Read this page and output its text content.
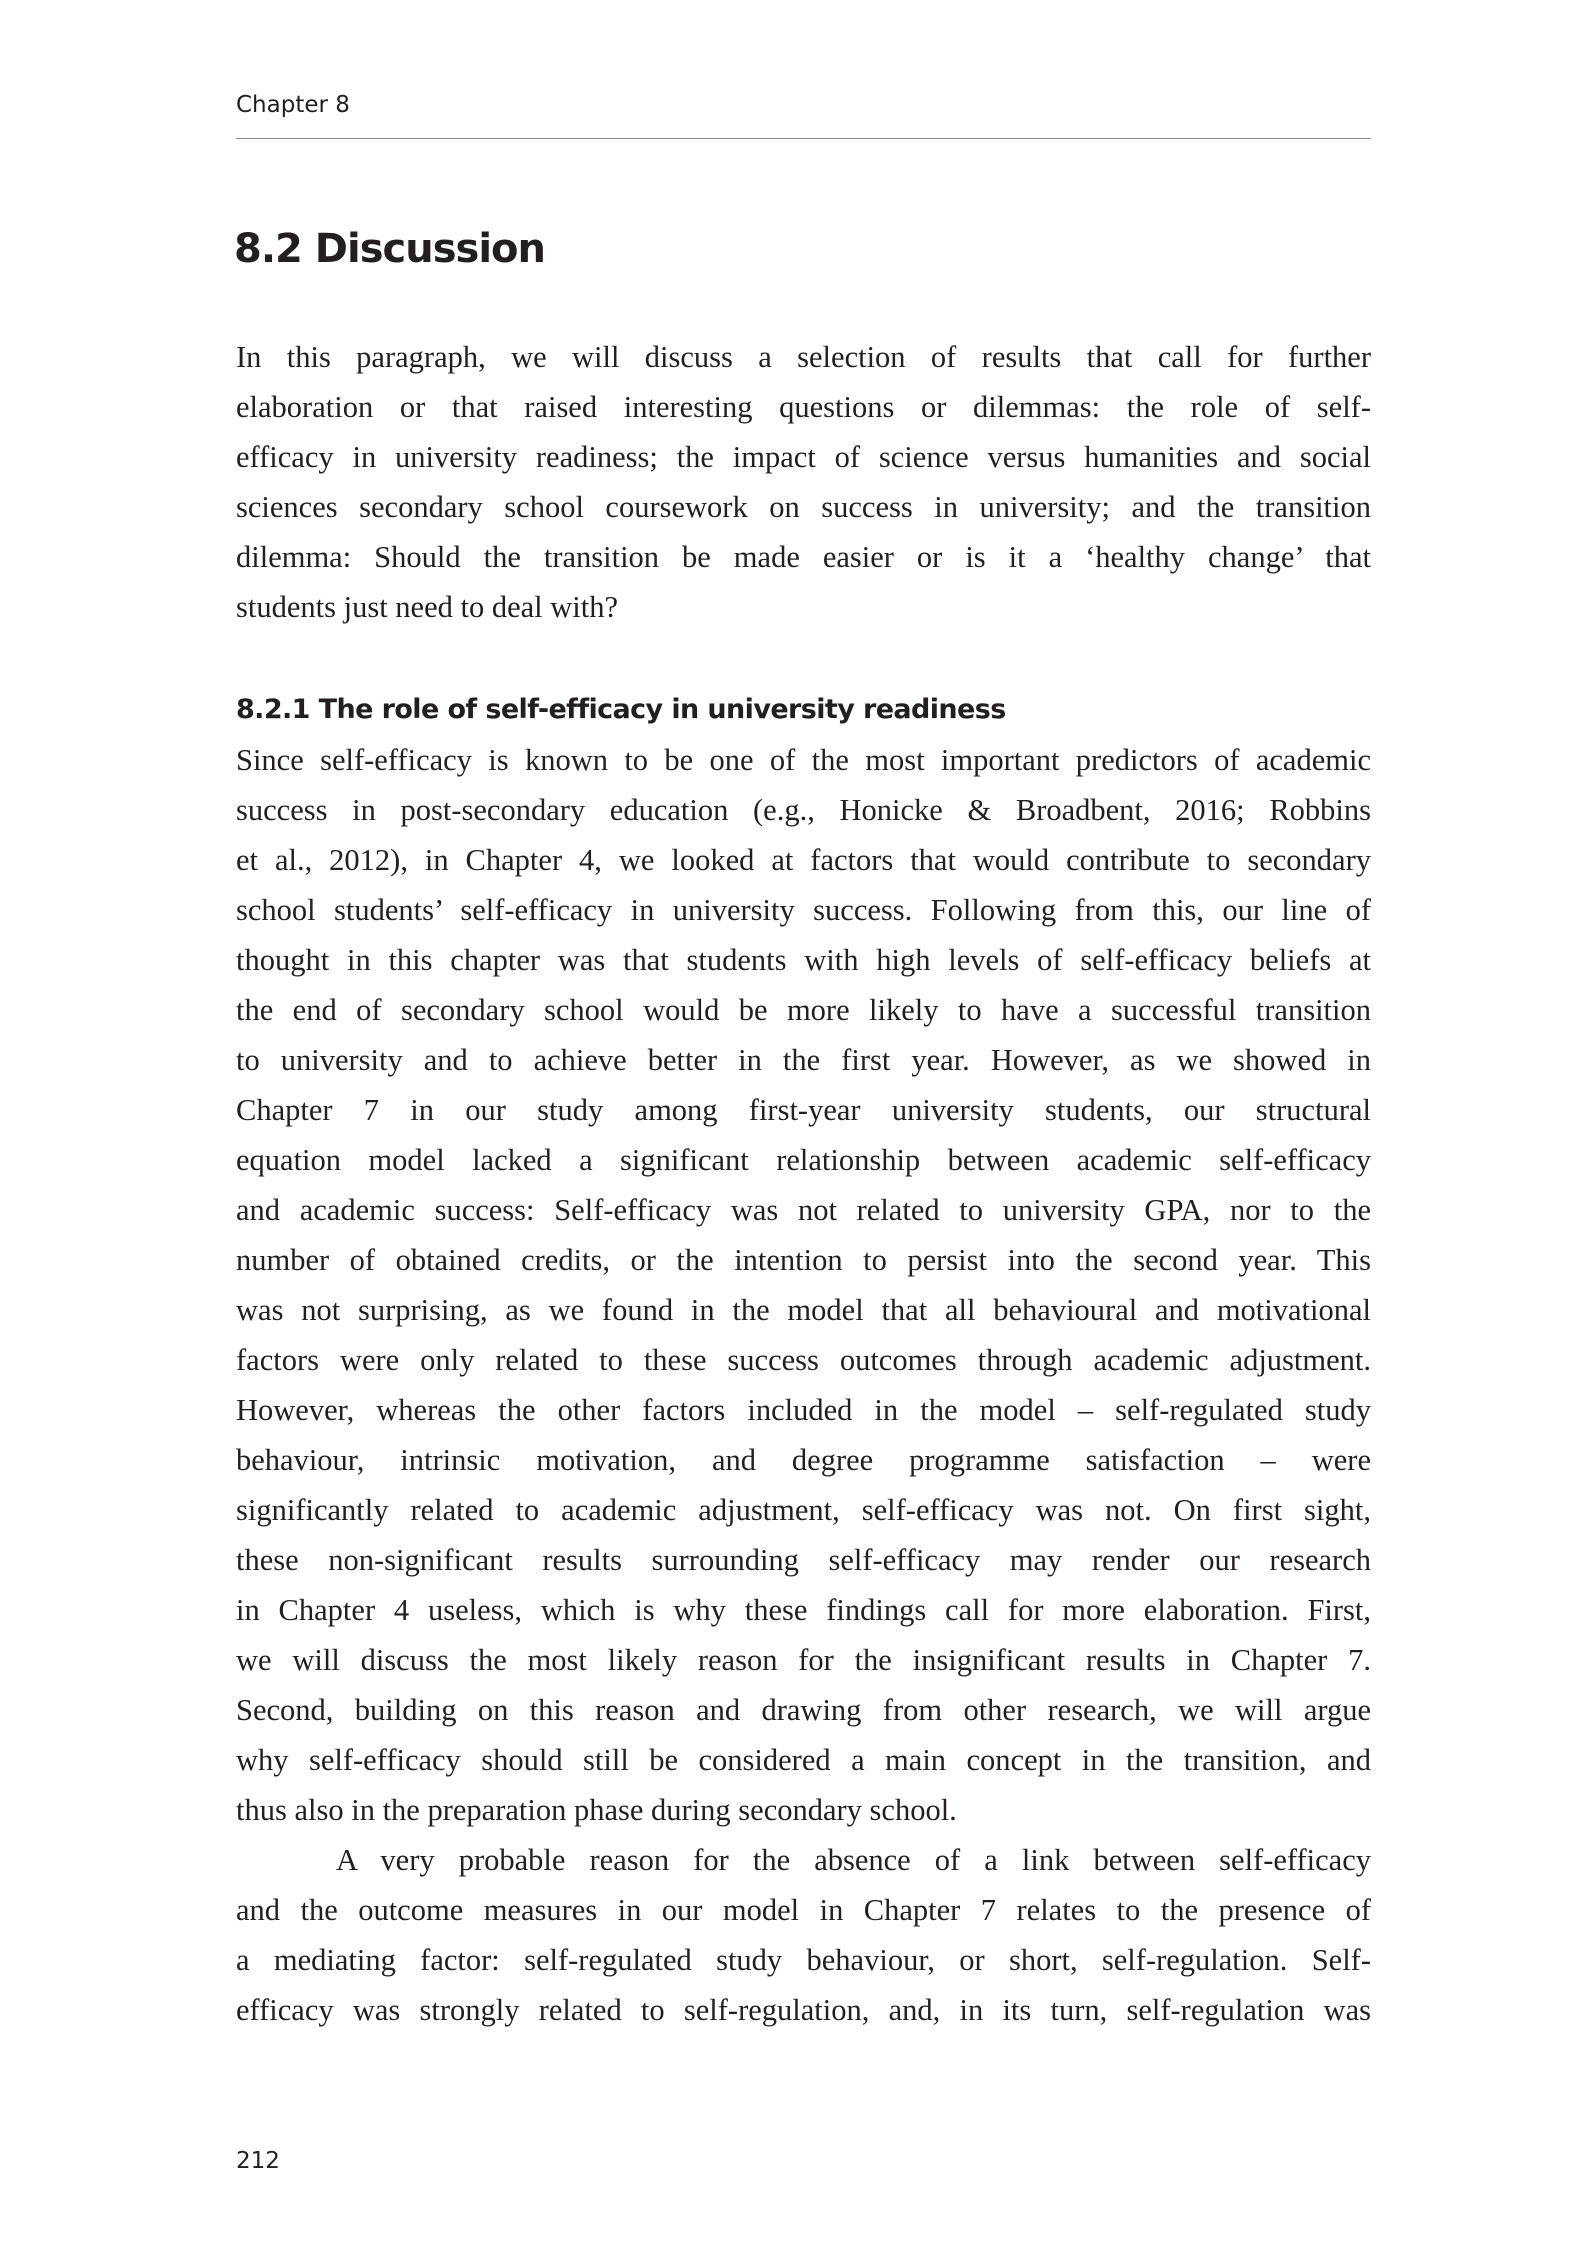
Chapter 8
8.2 Discussion
In this paragraph, we will discuss a selection of results that call for further
elaboration or that raised interesting questions or dilemmas: the role of self-
efficacy in university readiness; the impact of science versus humanities and social
sciences secondary school coursework on success in university; and the transition
dilemma: Should the transition be made easier or is it a ‘healthy change’ that
students just need to deal with?
8.2.1 The role of self-efficacy in university readiness
Since self-efficacy is known to be one of the most important predictors of academic
success in post-secondary education (e.g., Honicke & Broadbent, 2016; Robbins
et al., 2012), in Chapter 4, we looked at factors that would contribute to secondary
school students’ self-efficacy in university success. Following from this, our line of
thought in this chapter was that students with high levels of self-efficacy beliefs at
the end of secondary school would be more likely to have a successful transition
to university and to achieve better in the first year. However, as we showed in
Chapter 7 in our study among first-year university students, our structural
equation model lacked a significant relationship between academic self-efficacy
and academic success: Self-efficacy was not related to university GPA, nor to the
number of obtained credits, or the intention to persist into the second year. This
was not surprising, as we found in the model that all behavioural and motivational
factors were only related to these success outcomes through academic adjustment.
However, whereas the other factors included in the model – self-regulated study
behaviour, intrinsic motivation, and degree programme satisfaction – were
significantly related to academic adjustment, self-efficacy was not. On first sight,
these non-significant results surrounding self-efficacy may render our research
in Chapter 4 useless, which is why these findings call for more elaboration. First,
we will discuss the most likely reason for the insignificant results in Chapter 7.
Second, building on this reason and drawing from other research, we will argue
why self-efficacy should still be considered a main concept in the transition, and
thus also in the preparation phase during secondary school.
A very probable reason for the absence of a link between self-efficacy
and the outcome measures in our model in Chapter 7 relates to the presence of
a mediating factor: self-regulated study behaviour, or short, self-regulation. Self-
efficacy was strongly related to self-regulation, and, in its turn, self-regulation was
212
